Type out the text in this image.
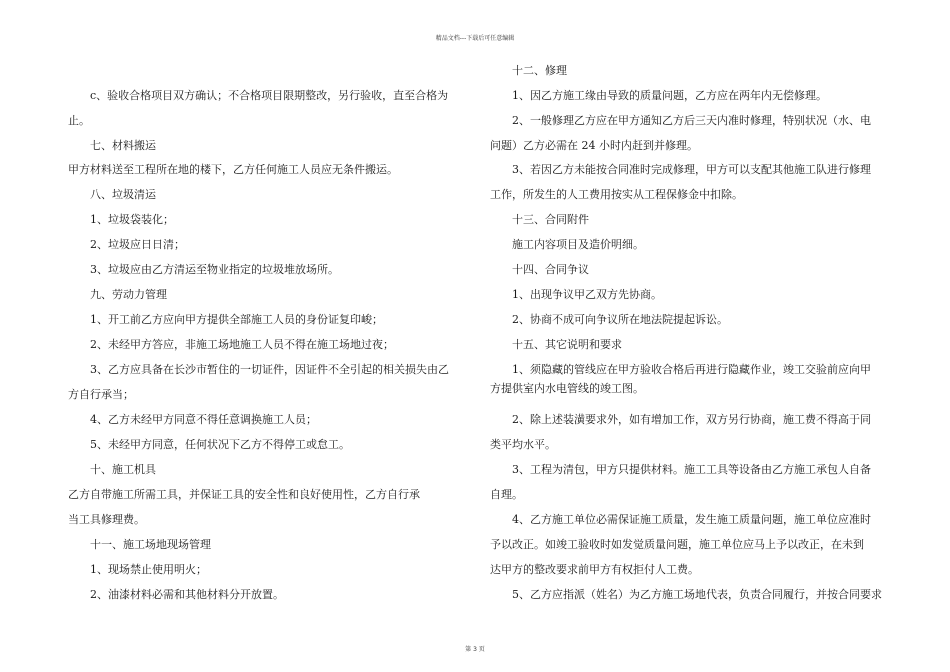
精品文档---下载后可任意编辑
c、验收合格项目双方确认；不合格项目限期整改，另行验收，直至合格为
止。
七、材料搬运
甲方材料送至工程所在地的楼下，乙方任何施工人员应无条件搬运。
八、垃圾清运
1、垃圾袋装化；
2、垃圾应日日清；
3、垃圾应由乙方清运至物业指定的垃圾堆放场所。
九、劳动力管理
1、开工前乙方应向甲方提供全部施工人员的身份证复印峻；
2、未经甲方答应，非施工场地施工人员不得在施工场地过夜；
3、乙方应具备在长沙市暂住的一切证件，因证件不全引起的相关损失由乙
方自行承当；
4、乙方未经甲方同意不得任意调换施工人员；
5、未经甲方同意，任何状况下乙方不得停工或怠工。
十、施工机具
乙方自带施工所需工具，并保证工具的安全性和良好使用性，乙方自行承
当工具修理费。
十一、施工场地现场管理
1、现场禁止使用明火；
2、油漆材料必需和其他材料分开放置。
十二、修理
1、因乙方施工缘由导致的质量问题，乙方应在两年内无偿修理。
2、一般修理乙方应在甲方通知乙方后三天内准时修理，特别状况（水、电
问题）乙方必需在 24 小时内赶到并修理。
3、若因乙方未能按合同准时完成修理，甲方可以支配其他施工队进行修理
工作，所发生的人工费用按实从工程保修金中扣除。
十三、合同附件
施工内容项目及造价明细。
十四、合同争议
1、出现争议甲乙双方先协商。
2、协商不成可向争议所在地法院提起诉讼。
十五、其它说明和要求
1、须隐藏的管线应在甲方验收合格后再进行隐藏作业，竣工交验前应向甲
方提供室内水电管线的竣工图。
2、除上述装潢要求外，如有增加工作，双方另行协商，施工费不得高于同
类平均水平。
3、工程为清包，甲方只提供材料。施工工具等设备由乙方施工承包人自备
自理。
4、乙方施工单位必需保证施工质量，发生施工质量问题，施工单位应准时
予以改正。如竣工验收时如发觉质量问题，施工单位应马上予以改正，在未到
达甲方的整改要求前甲方有权拒付人工费。
5、乙方应指派（姓名）为乙方施工场地代表，负责合同履行，并按合同要求
第 3 页
